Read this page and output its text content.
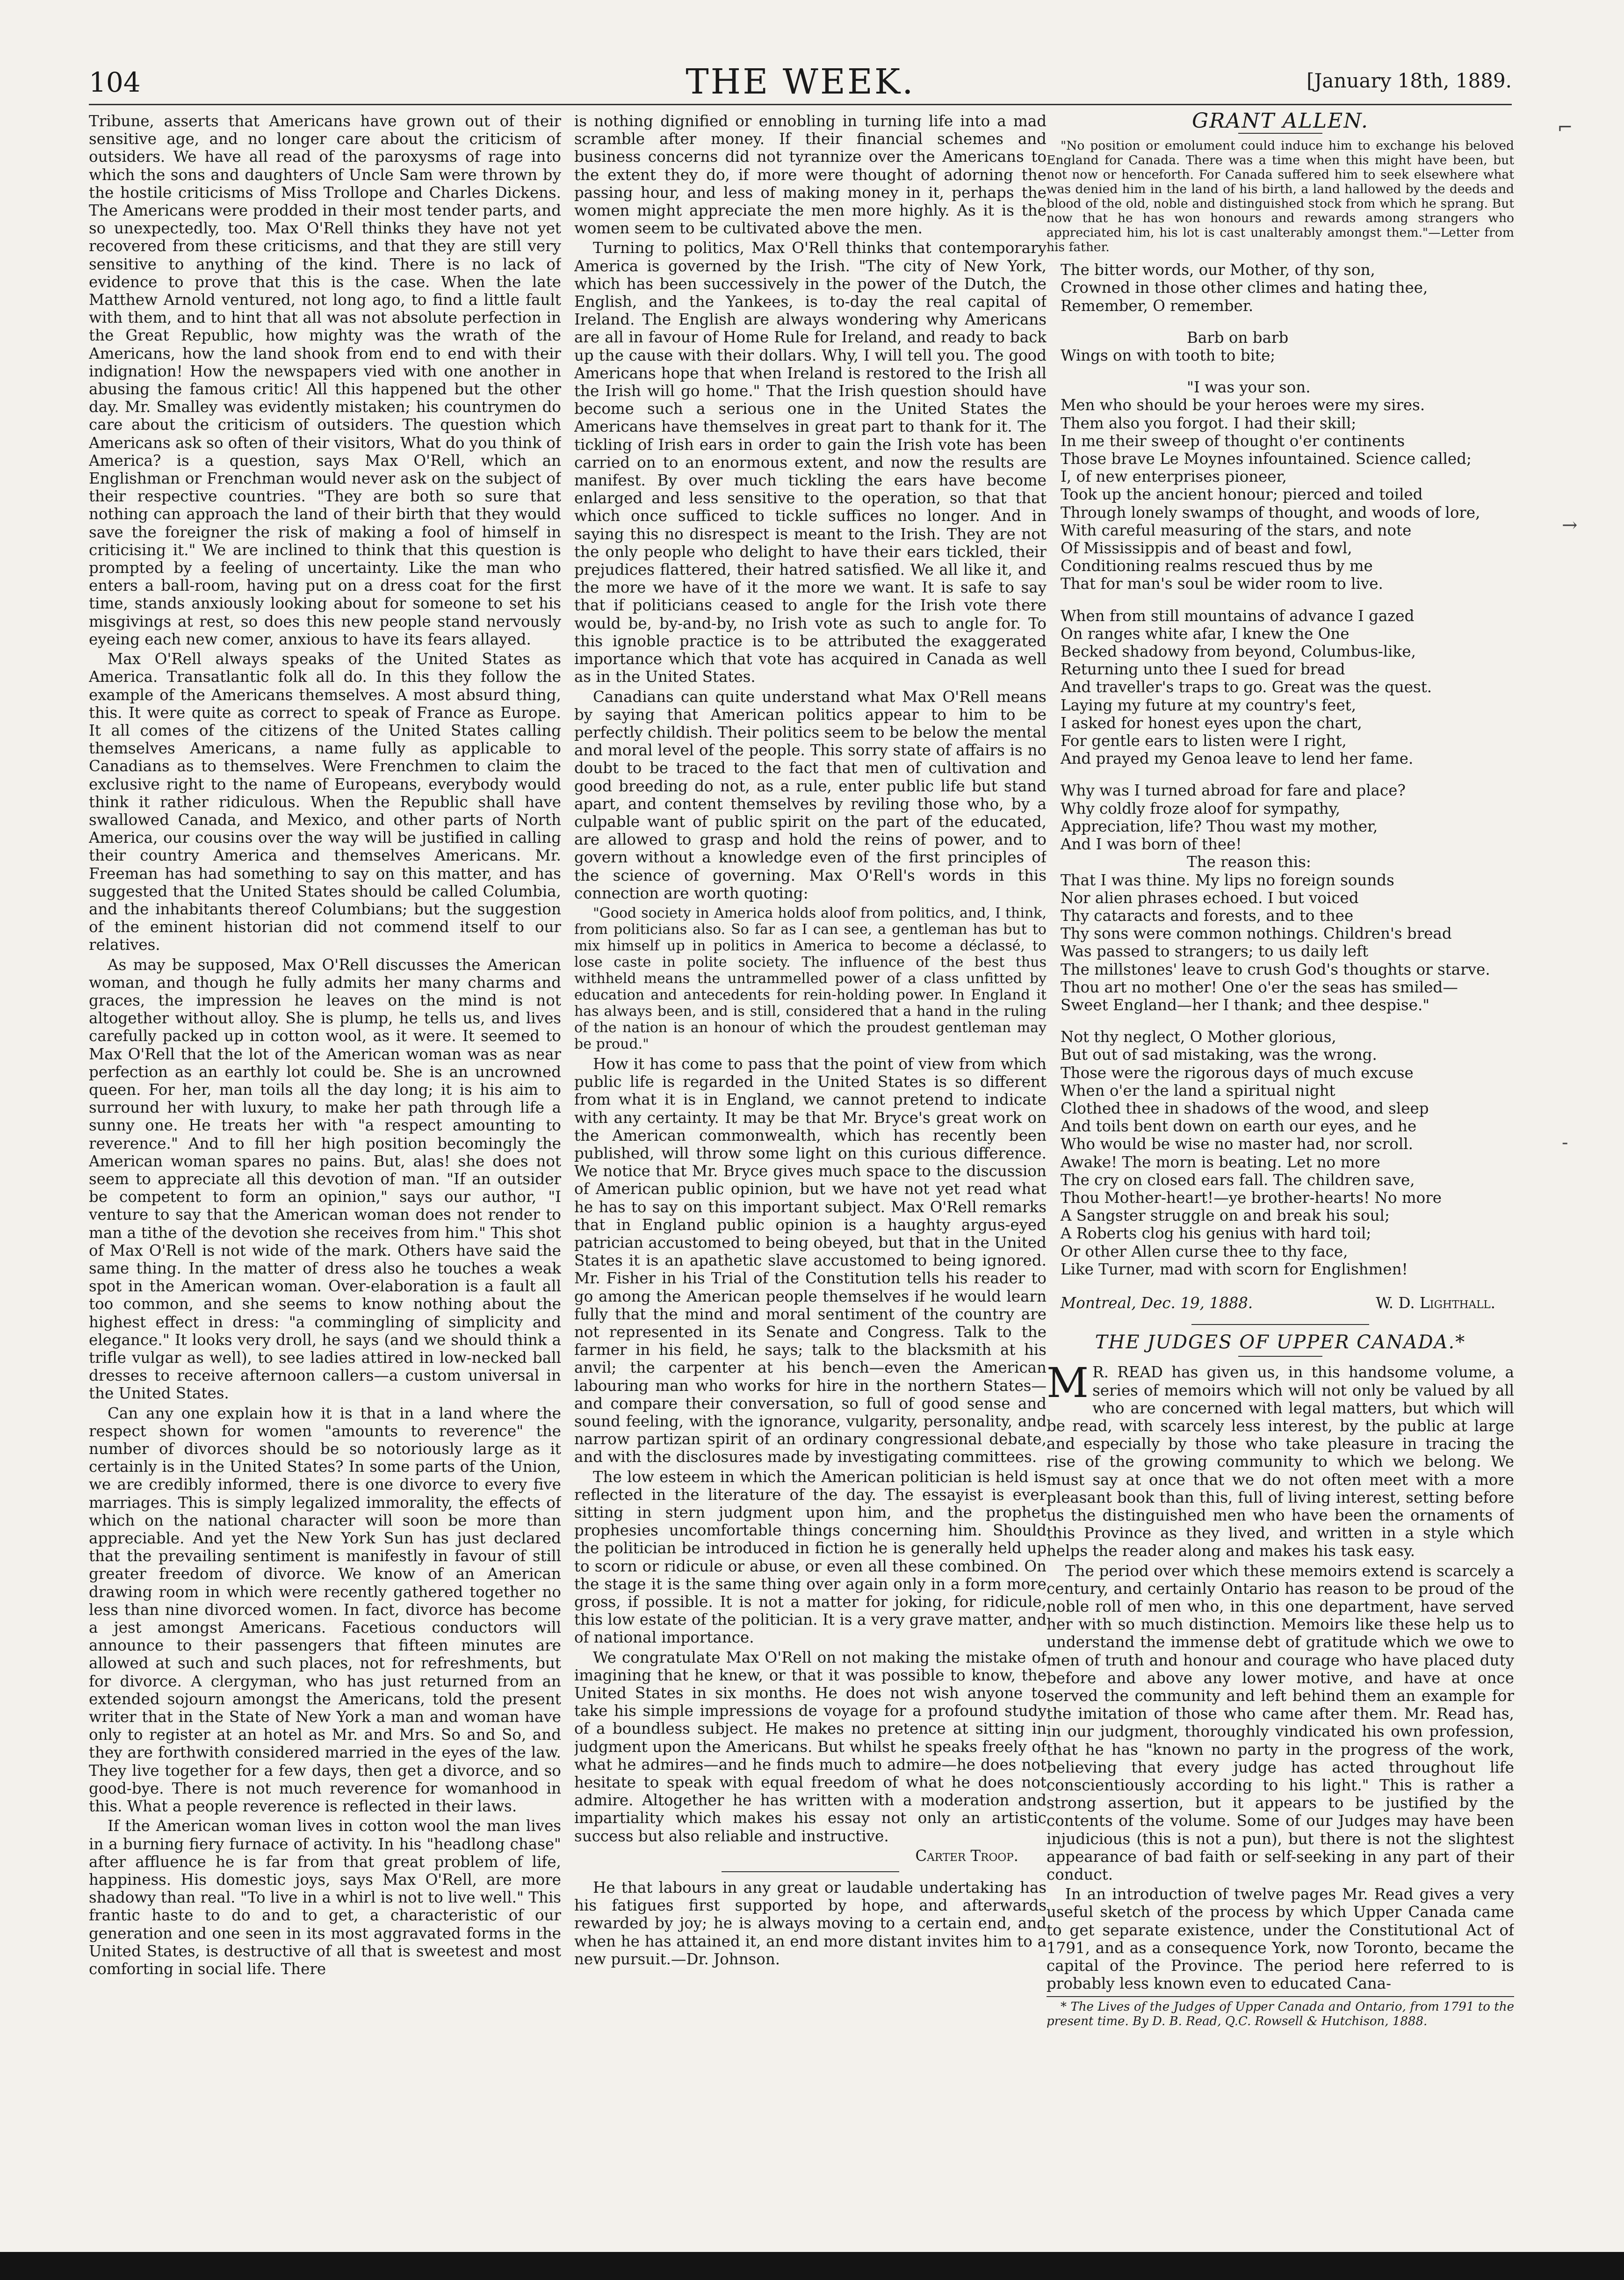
104	THE WEEK.	[January 18th, 1889.

Tribune, asserts that Americans have grown out of their sensitive age, and no longer care about the criticism of outsiders. We have all read of the paroxysms of rage into which the sons and daughters of Uncle Sam were thrown by the hostile criticisms of Miss Trollope and Charles Dickens. The Americans were prodded in their most tender parts, and so unexpectedly, too. Max O'Rell thinks they have not yet recovered from these criticisms, and that they are still very sensitive to anything of the kind. There is no lack of evidence to prove that this is the case. When the late Matthew Arnold ventured, not long ago, to find a little fault with them, and to hint that all was not absolute perfection in the Great Republic, how mighty was the wrath of the Americans, how the land shook from end to end with their indignation! How the newspapers vied with one another in abusing the famous critic! All this happened but the other day. Mr. Smalley was evidently mistaken; his countrymen do care about the criticism of outsiders. The question which Americans ask so often of their visitors, What do you think of America? is a question, says Max O'Rell, which an Englishman or Frenchman would never ask on the subject of their respective countries. "They are both so sure that nothing can approach the land of their birth that they would save the foreigner the risk of making a fool of himself in criticising it." We are inclined to think that this question is prompted by a feeling of uncertainty. Like the man who enters a ball-room, having put on a dress coat for the first time, stands anxiously looking about for someone to set his misgivings at rest, so does this new people stand nervously eyeing each new comer, anxious to have its fears allayed.

Max O'Rell always speaks of the United States as America. Transatlantic folk all do. In this they follow the example of the Americans themselves. A most absurd thing, this. It were quite as correct to speak of France as Europe. It all comes of the citizens of the United States calling themselves Americans, a name fully as applicable to Canadians as to themselves. Were Frenchmen to claim the exclusive right to the name of Europeans, everybody would think it rather ridiculous. When the Republic shall have swallowed Canada, and Mexico, and other parts of North America, our cousins over the way will be justified in calling their country America and themselves Americans. Mr. Freeman has had something to say on this matter, and has suggested that the United States should be called Columbia, and the inhabitants thereof Columbians; but the suggestion of the eminent historian did not commend itself to our relatives.

As may be supposed, Max O'Rell discusses the American woman, and though he fully admits her many charms and graces, the impression he leaves on the mind is not altogether without alloy. She is plump, he tells us, and lives carefully packed up in cotton wool, as it were. It seemed to Max O'Rell that the lot of the American woman was as near perfection as an earthly lot could be. She is an uncrowned queen. For her, man toils all the day long; it is his aim to surround her with luxury, to make her path through life a sunny one. He treats her with "a respect amounting to reverence." And to fill her high position becomingly the American woman spares no pains. But, alas! she does not seem to appreciate all this devotion of man. "If an outsider be competent to form an opinion," says our author, "I venture to say that the American woman does not render to man a tithe of the devotion she receives from him." This shot of Max O'Rell is not wide of the mark. Others have said the same thing. In the matter of dress also he touches a weak spot in the American woman. Over-elaboration is a fault all too common, and she seems to know nothing about the highest effect in dress: "a commingling of simplicity and elegance." It looks very droll, he says (and we should think a trifle vulgar as well), to see ladies attired in low-necked ball dresses to receive afternoon callers—a custom universal in the United States.

Can any one explain how it is that in a land where the respect shown for women "amounts to reverence" the number of divorces should be so notoriously large as it certainly is in the United States? In some parts of the Union, we are credibly informed, there is one divorce to every five marriages. This is simply legalized immorality, the effects of which on the national character will soon be more than appreciable. And yet the New York Sun has just declared that the prevailing sentiment is manifestly in favour of still greater freedom of divorce. We know of an American drawing room in which were recently gathered together no less than nine divorced women. In fact, divorce has become a jest amongst Americans. Facetious conductors will announce to their passengers that fifteen minutes are allowed at such and such places, not for refreshments, but for divorce. A clergyman, who has just returned from an extended sojourn amongst the Americans, told the present writer that in the State of New York a man and woman have only to register at an hotel as Mr. and Mrs. So and So, and they are forthwith considered married in the eyes of the law. They live together for a few days, then get a divorce, and so good-bye. There is not much reverence for womanhood in this. What a people reverence is reflected in their laws.

If the American woman lives in cotton wool the man lives in a burning fiery furnace of activity. In his "headlong chase" after affluence he is far from that great problem of life, happiness. His domestic joys, says Max O'Rell, are more shadowy than real. "To live in a whirl is not to live well." This frantic haste to do and to get, a characteristic of our generation and one seen in its most aggravated forms in the United States, is destructive of all that is sweetest and most comforting in social life. There

is nothing dignified or ennobling in turning life into a mad scramble after money. If their financial schemes and business concerns did not tyrannize over the Americans to the extent they do, if more were thought of adorning the passing hour, and less of making money in it, perhaps the women might appreciate the men more highly. As it is the women seem to be cultivated above the men.

Turning to politics, Max O'Rell thinks that contemporary America is governed by the Irish. "The city of New York, which has been successively in the power of the Dutch, the English, and the Yankees, is to-day the real capital of Ireland. The English are always wondering why Americans are all in favour of Home Rule for Ireland, and ready to back up the cause with their dollars. Why, I will tell you. The good Americans hope that when Ireland is restored to the Irish all the Irish will go home." That the Irish question should have become such a serious one in the United States the Americans have themselves in great part to thank for it. The tickling of Irish ears in order to gain the Irish vote has been carried on to an enormous extent, and now the results are manifest. By over much tickling the ears have become enlarged and less sensitive to the operation, so that that which once sufficed to tickle suffices no longer. And in saying this no disrespect is meant to the Irish. They are not the only people who delight to have their ears tickled, their prejudices flattered, their hatred satisfied. We all like it, and the more we have of it the more we want. It is safe to say that if politicians ceased to angle for the Irish vote there would be, by-and-by, no Irish vote as such to angle for. To this ignoble practice is to be attributed the exaggerated importance which that vote has acquired in Canada as well as in the United States.

Canadians can quite understand what Max O'Rell means by saying that American politics appear to him to be perfectly childish. Their politics seem to be below the mental and moral level of the people. This sorry state of affairs is no doubt to be traced to the fact that men of cultivation and good breeding do not, as a rule, enter public life but stand apart, and content themselves by reviling those who, by a culpable want of public spirit on the part of the educated, are allowed to grasp and hold the reins of power, and to govern without a knowledge even of the first principles of the science of governing. Max O'Rell's words in this connection are worth quoting:

"Good society in America holds aloof from politics, and, I think, from politicians also. So far as I can see, a gentleman has but to mix himself up in politics in America to become a déclassé, to lose caste in polite society. The influence of the best thus withheld means the untrammelled power of a class unfitted by education and antecedents for rein-holding power. In England it has always been, and is still, considered that a hand in the ruling of the nation is an honour of which the proudest gentleman may be proud."

How it has come to pass that the point of view from which public life is regarded in the United States is so different from what it is in England, we cannot pretend to indicate with any certainty. It may be that Mr. Bryce's great work on the American commonwealth, which has recently been published, will throw some light on this curious difference. We notice that Mr. Bryce gives much space to the discussion of American public opinion, but we have not yet read what he has to say on this important subject. Max O'Rell remarks that in England public opinion is a haughty argus-eyed patrician accustomed to being obeyed, but that in the United States it is an apathetic slave accustomed to being ignored. Mr. Fisher in his Trial of the Constitution tells his reader to go among the American people themselves if he would learn fully that the mind and moral sentiment of the country are not represented in its Senate and Congress. Talk to the farmer in his field, he says; talk to the blacksmith at his anvil; the carpenter at his bench—even the American labouring man who works for hire in the northern States—and compare their conversation, so full of good sense and sound feeling, with the ignorance, vulgarity, personality, and narrow partizan spirit of an ordinary congressional debate, and with the disclosures made by investigating committees.

The low esteem in which the American politician is held is reflected in the literature of the day. The essayist is ever sitting in stern judgment upon him, and the prophet prophesies uncomfortable things concerning him. Should the politician be introduced in fiction he is generally held up to scorn or ridicule or abuse, or even all these combined. On the stage it is the same thing over again only in a form more gross, if possible. It is not a matter for joking, for ridicule, this low estate of the politician. It is a very grave matter, and of national importance.

We congratulate Max O'Rell on not making the mistake of imagining that he knew, or that it was possible to know, the United States in six months. He does not wish anyone to take his simple impressions de voyage for a profound study of a boundless subject. He makes no pretence at sitting in judgment upon the Americans. But whilst he speaks freely of what he admires—and he finds much to admire—he does not hesitate to speak with equal freedom of what he does not admire. Altogether he has written with a moderation and impartiality which makes his essay not only an artistic success but also reliable and instructive.

Carter Troop.

He that labours in any great or laudable undertaking has his fatigues first supported by hope, and afterwards rewarded by joy; he is always moving to a certain end, and when he has attained it, an end more distant invites him to a new pursuit.—Dr. Johnson.

GRANT ALLEN.
"No position or emolument could induce him to exchange his beloved England for Canada. There was a time when this might have been, but not now or henceforth. For Canada suffered him to seek elsewhere what was denied him in the land of his birth, a land hallowed by the deeds and blood of the old, noble and distinguished stock from which he sprang. But now that he has won honours and rewards among strangers who appreciated him, his lot is cast unalterably amongst them."—Letter from his father.
The bitter words, our Mother, of thy son,
Crowned in those other climes and hating thee,
Remember, O remember.
Barb on barb
Wings on with tooth to bite;
"I was your son.
Men who should be your heroes were my sires.
Them also you forgot. I had their skill;
In me their sweep of thought o'er continents
Those brave Le Moynes infountained. Science called;
I, of new enterprises pioneer,
Took up the ancient honour; pierced and toiled
Through lonely swamps of thought, and woods of lore,
With careful measuring of the stars, and note
Of Mississippis and of beast and fowl,
Conditioning realms rescued thus by me
That for man's soul be wider room to live.
When from still mountains of advance I gazed
On ranges white afar, I knew the One
Becked shadowy from beyond, Columbus-like,
Returning unto thee I sued for bread
And traveller's traps to go. Great was the quest.
Laying my future at my country's feet,
I asked for honest eyes upon the chart,
For gentle ears to listen were I right,
And prayed my Genoa leave to lend her fame.
Why was I turned abroad for fare and place?
Why coldly froze aloof for sympathy,
Appreciation, life? Thou wast my mother,
And I was born of thee!
The reason this:
That I was thine. My lips no foreign sounds
Nor alien phrases echoed. I but voiced
Thy cataracts and forests, and to thee
Thy sons were common nothings. Children's bread
Was passed to strangers; to us daily left
The millstones' leave to crush God's thoughts or starve.
Thou art no mother! One o'er the seas has smiled—
Sweet England—her I thank; and thee despise."
Not thy neglect, O Mother glorious,
But out of sad mistaking, was the wrong.
Those were the rigorous days of much excuse
When o'er the land a spiritual night
Clothed thee in shadows of the wood, and sleep
And toils bent down on earth our eyes, and he
Who would be wise no master had, nor scroll.
Awake! The morn is beating. Let no more
The cry on closed ears fall. The children save,
Thou Mother-heart!—ye brother-hearts! No more
A Sangster struggle on and break his soul;
A Roberts clog his genius with hard toil;
Or other Allen curse thee to thy face,
Like Turner, mad with scorn for Englishmen!
Montreal, Dec. 19, 1888.	W. D. Lighthall.
THE JUDGES OF UPPER CANADA.*

M R. READ has given us, in this handsome volume, a series of memoirs which will not only be valued by all who are concerned with legal matters, but which will be read, with scarcely less interest, by the public at large and especially by those who take pleasure in tracing the rise of the growing community to which we belong. We must say at once that we do not often meet with a more pleasant book than this, full of living interest, setting before us the distinguished men who have been the ornaments of this Province as they lived, and written in a style which helps the reader along and makes his task easy.

The period over which these memoirs extend is scarcely a century, and certainly Ontario has reason to be proud of the noble roll of men who, in this one department, have served her with so much distinction. Memoirs like these help us to understand the immense debt of gratitude which we owe to men of truth and honour and courage who have placed duty before and above any lower motive, and have at once served the community and left behind them an example for the imitation of those who came after them. Mr. Read has, in our judgment, thoroughly vindicated his own profession, that he has "known no party in the progress of the work, believing that every judge has acted throughout life conscientiously according to his light." This is rather a strong assertion, but it appears to be justified by the contents of the volume. Some of our Judges may have been injudicious (this is not a pun), but there is not the slightest appearance of bad faith or self-seeking in any part of their conduct.

In an introduction of twelve pages Mr. Read gives a very useful sketch of the process by which Upper Canada came to get separate existence, under the Constitutional Act of 1791, and as a consequence York, now Toronto, became the capital of the Province. The period here referred to is probably less known even to educated Cana-

* The Lives of the Judges of Upper Canada and Ontario, from 1791 to the present time. By D. B. Read, Q.C. Rowsell & Hutchison, 1888.
⌐
→
-
